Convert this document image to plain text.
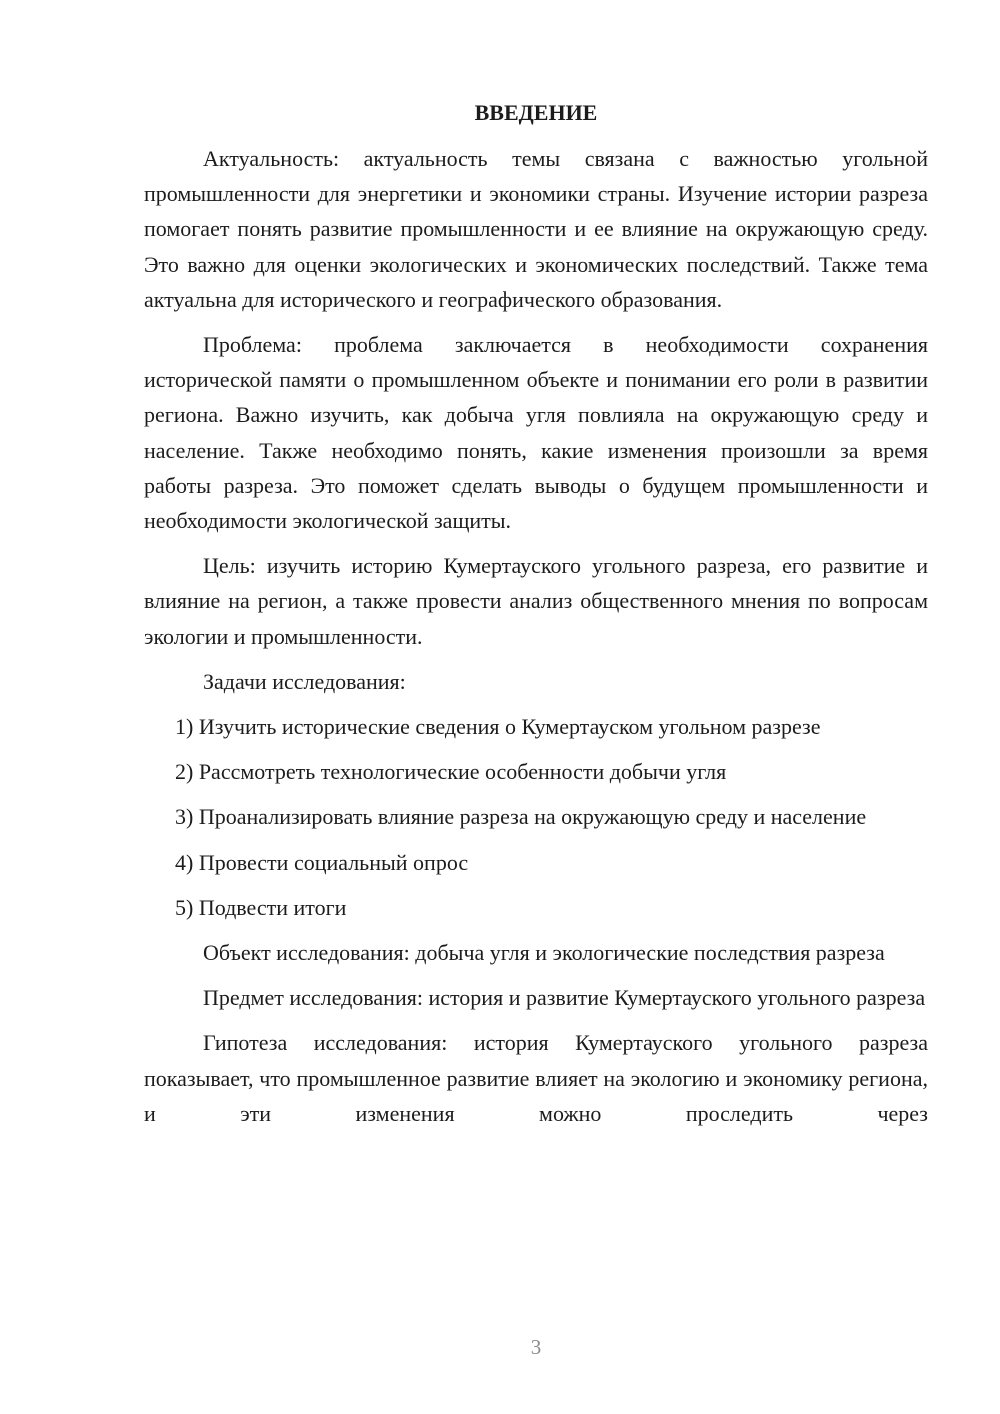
ВВЕДЕНИЕ

Актуальность: актуальность темы связана с важностью угольной промышленности для энергетики и экономики страны. Изучение истории разреза помогает понять развитие промышленности и ее влияние на окружающую среду. Это важно для оценки экологических и экономических последствий. Также тема актуальна для исторического и географического образования.

Проблема: проблема заключается в необходимости сохранения исторической памяти о промышленном объекте и понимании его роли в развитии региона. Важно изучить, как добыча угля повлияла на окружающую среду и население. Также необходимо понять, какие изменения произошли за время работы разреза. Это поможет сделать выводы о будущем промышленности и необходимости экологической защиты.

Цель: изучить историю Кумертауского угольного разреза, его развитие и влияние на регион, а также провести анализ общественного мнения по вопросам экологии и промышленности.

Задачи исследования:

1) Изучить исторические сведения о Кумертауском угольном разрезе

2) Рассмотреть технологические особенности добычи угля

3) Проанализировать влияние разреза на окружающую среду и население

4) Провести социальный опрос

5) Подвести итоги

Объект исследования: добыча угля и экологические последствия разреза

Предмет исследования: история и развитие Кумертауского угольного разреза

Гипотеза исследования: история Кумертауского угольного разреза показывает, что промышленное развитие влияет на экологию и экономику региона, и эти изменения можно проследить через

3
